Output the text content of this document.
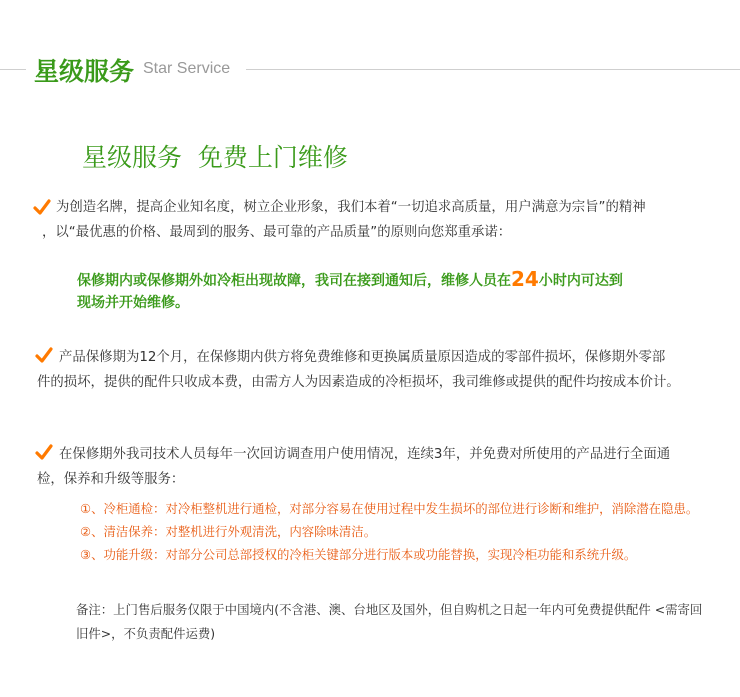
星级服务 Star Service
星级服务  免费上门维修
为创造名牌，提高企业知名度，树立企业形象，我们本着“一切追求高质量，用户满意为宗旨”的精神
，以“最优惠的价格、最周到的服务、最可靠的产品质量”的原则向您郑重承诺：
保修期内或保修期外如冷柜出现故障，我司在接到通知后，维修人员在24小时内可达到
现场并开始维修。
产品保修期为12个月，在保修期内供方将免费维修和更换属质量原因造成的零部件损坏，保修期外零部
件的损坏，提供的配件只收成本费，由需方人为因素造成的冷柜损坏，我司维修或提供的配件均按成本价计。
在保修期外我司技术人员每年一次回访调查用户使用情况，连续3年，并免费对所使用的产品进行全面通
检，保养和升级等服务：
①、冷柜通检：对冷柜整机进行通检，对部分容易在使用过程中发生损坏的部位进行诊断和维护，消除潜在隐患。
②、清洁保养：对整机进行外观清洗，内容除味清洁。
③、功能升级：对部分公司总部授权的冷柜关键部分进行版本或功能替换，实现冷柜功能和系统升级。
备注：上门售后服务仅限于中国境内(不含港、澳、台地区及国外，但自购机之日起一年内可免费提供配件 <需寄回
旧件>，不负责配件运费)
